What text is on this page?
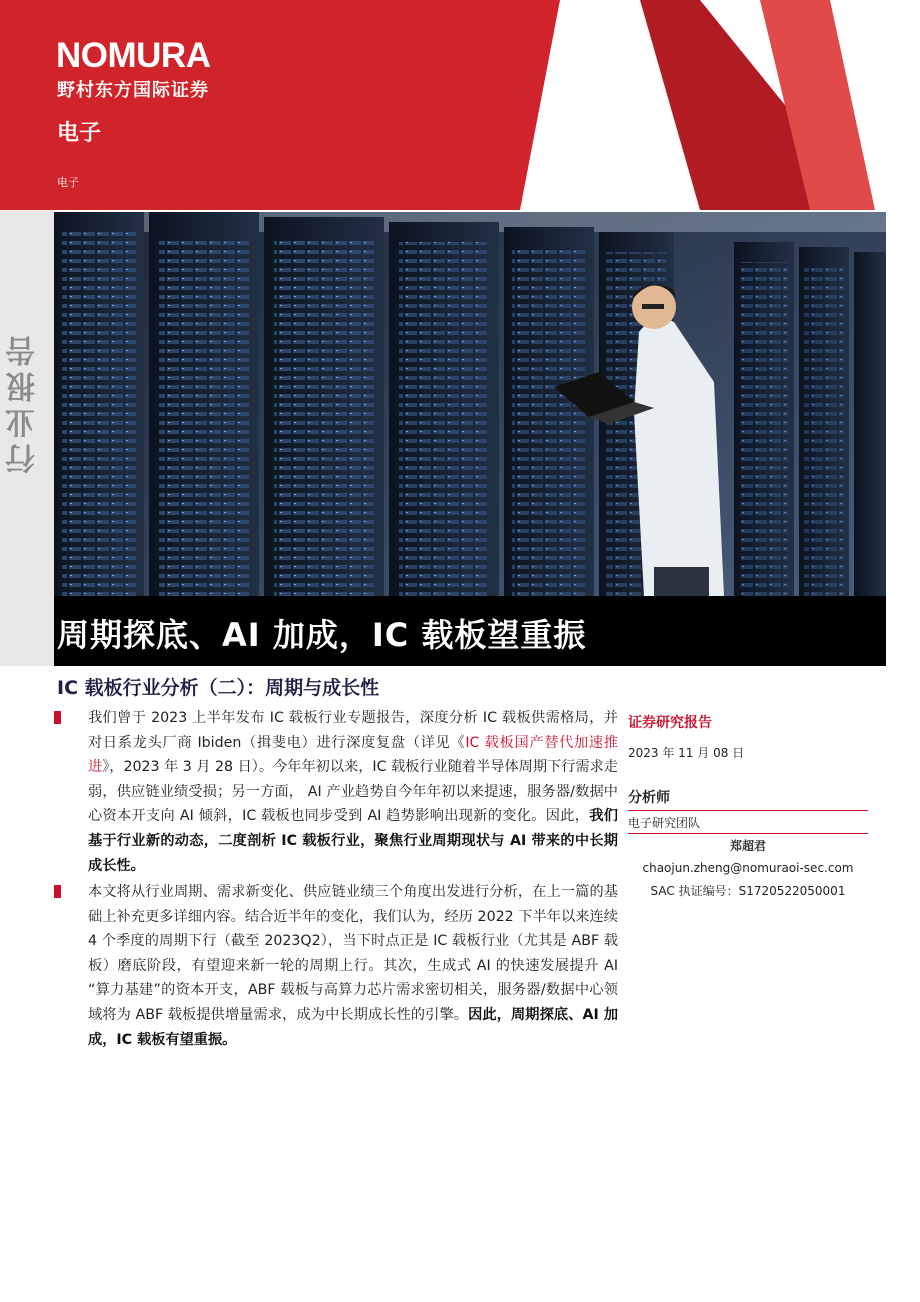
NOMURA
野村东方国际证券
电子
电子
行业报告
周期探底、AI 加成，IC 载板望重振
IC 载板行业分析（二）：周期与成长性
我们曾于 2023 上半年发布 IC 载板行业专题报告，深度分析 IC 载板供需格局，并对日系龙头厂商 Ibiden（揖斐电）进行深度复盘（详见《IC 载板国产替代加速推进》，2023 年 3 月 28 日）。今年年初以来，IC 载板行业随着半导体周期下行需求走弱，供应链业绩受损；另一方面， AI 产业趋势自今年年初以来提速，服务器/数据中心资本开支向 AI 倾斜，IC 载板也同步受到 AI 趋势影响出现新的变化。因此，我们基于行业新的动态，二度剖析 IC 载板行业，聚焦行业周期现状与 AI 带来的中长期成长性。
本文将从行业周期、需求新变化、供应链业绩三个角度出发进行分析，在上一篇的基础上补充更多详细内容。结合近半年的变化，我们认为，经历 2022 下半年以来连续 4 个季度的周期下行（截至 2023Q2），当下时点正是 IC 载板行业（尤其是 ABF 载板）磨底阶段，有望迎来新一轮的周期上行。其次，生成式 AI 的快速发展提升 AI “算力基建”的资本开支，ABF 载板与高算力芯片需求密切相关，服务器/数据中心领域将为 ABF 载板提供增量需求，成为中长期成长性的引擎。因此，周期探底、AI 加成，IC 载板有望重振。
证券研究报告
2023 年 11 月 08 日
分析师
电子研究团队
郑超君
chaojun.zheng@nomuraoi-sec.com
SAC 执证编号：S1720522050001
